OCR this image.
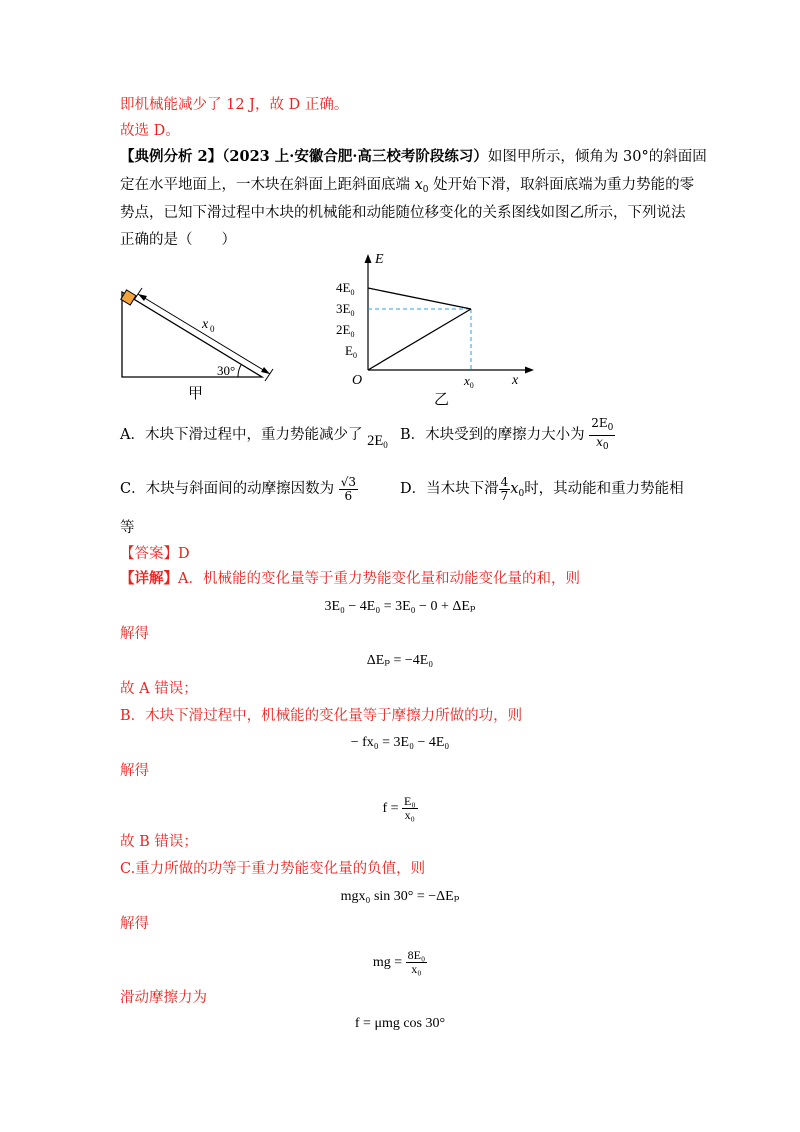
即机械能减少了 12 J，故 D 正确。
故选 D。
【典例分析 2】（2023 上·安徽合肥·高三校考阶段练习）如图甲所示，倾角为 30°的斜面固
定在水平地面上，一木块在斜面上距斜面底端 $x_0$ 处开始下滑，取斜面底端为重力势能的零
势点，已知下滑过程中木块的机械能和动能随位移变化的关系图线如图乙所示，下列说法
正确的是（　　）
x 0
30°
甲
E
x
O
$4E_0$
$3E_0$
$2E_0$
$E_0$
$x_0$
乙
A．木块下滑过程中，重力势能减少了 $2E_0$
B．木块受到的摩擦力大小为 $\frac{2E_0}{x_0}$
C．木块与斜面间的动摩擦因数为 $\frac{√3}{6}$	D．当木块下滑 $\frac{4}{7} x_0$时，其动能和重力势能相
等
【答案】D
【详解】A．机械能的变化量等于重力势能变化量和动能变化量的和，则
3E₀ − 4E₀ = 3E₀ − 0 + ΔEₚ
解得
ΔEₚ = −4E₀
故 A 错误；
B．木块下滑过程中，机械能的变化量等于摩擦力所做的功，则
− fx₀ = 3E₀ − 4E₀
解得
$f = \frac{\text{E₀}}{\text{x₀}}$
故 B 错误；
C.重力所做的功等于重力势能变化量的负值，则
mgx₀ sin 30° = −ΔEₚ
解得
mg = $\frac{\text{8E₀}}{\text{x₀}}$
滑动摩擦力为
f = μmg cos 30°
